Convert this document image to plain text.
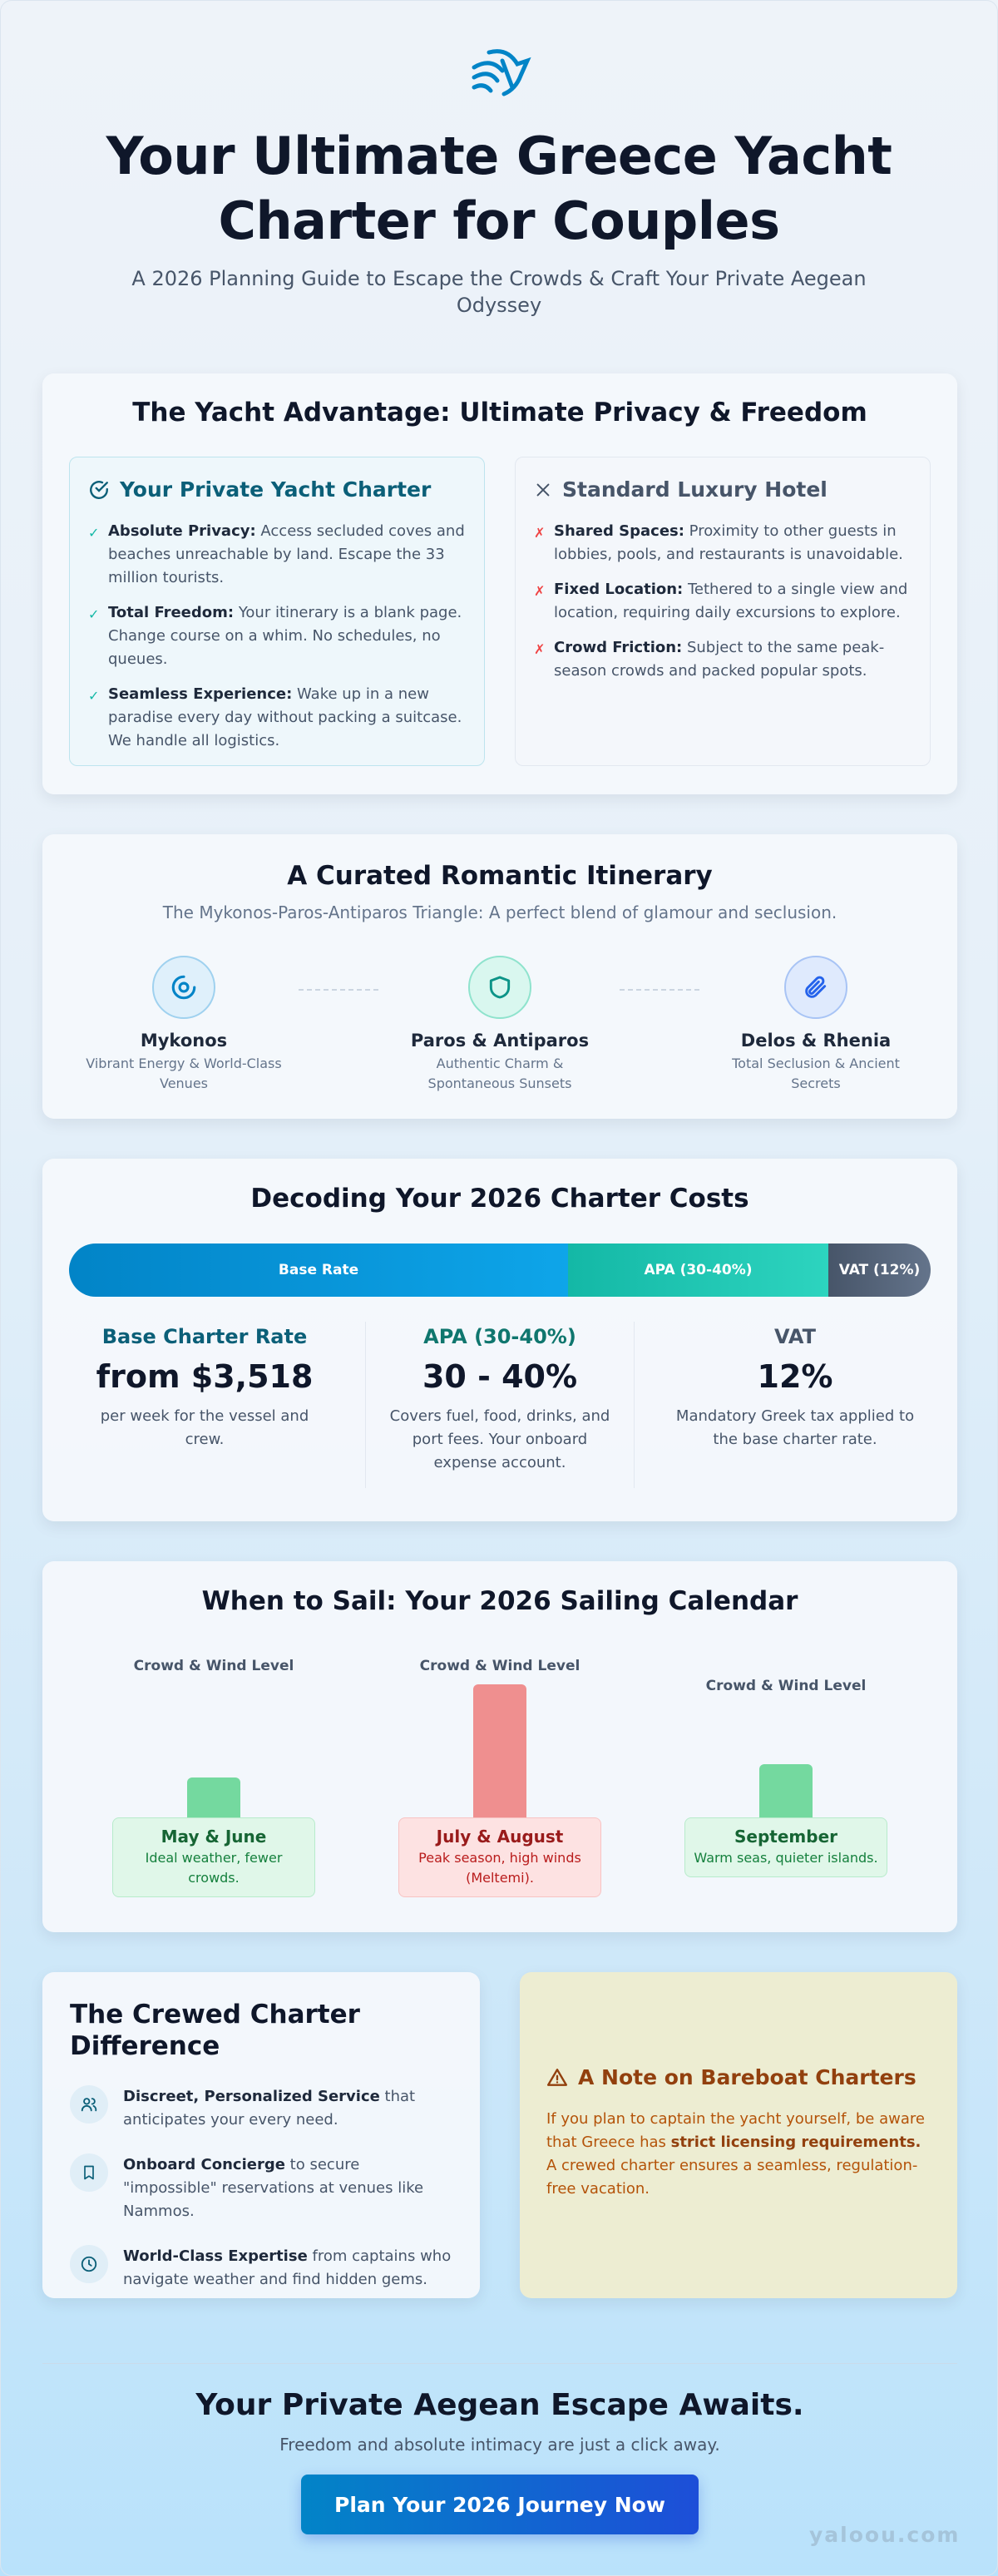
Your Ultimate Greece Yacht Charter for Couples

A 2026 Planning Guide to Escape the Crowds & Craft Your Private Aegean Odyssey

The Yacht Advantage: Ultimate Privacy & Freedom
Your Private Yacht Charter
✓ Absolute Privacy: Access secluded coves and beaches unreachable by land. Escape the 33 million tourists.
✓ Total Freedom: Your itinerary is a blank page. Change course on a whim. No schedules, no queues.
✓ Seamless Experience: Wake up in a new paradise every day without packing a suitcase. We handle all logistics.
Standard Luxury Hotel
✗ Shared Spaces: Proximity to other guests in lobbies, pools, and restaurants is unavoidable.
✗ Fixed Location: Tethered to a single view and location, requiring daily excursions to explore.
✗ Crowd Friction: Subject to the same peak-season crowds and packed popular spots.
A Curated Romantic Itinerary

The Mykonos-Paros-Antiparos Triangle: A perfect blend of glamour and seclusion.

Mykonos
Vibrant Energy & World-Class Venues
Paros & Antiparos
Authentic Charm & Spontaneous Sunsets
Delos & Rhenia
Total Seclusion & Ancient Secrets
Decoding Your 2026 Charter Costs
Base Rate	APA (30-40%)	VAT (12%)
Base Charter Rate
from $3,518
per week for the vessel and crew.
APA (30-40%)
30 - 40%
Covers fuel, food, drinks, and port fees. Your onboard expense account.
VAT
12%
Mandatory Greek tax applied to the base charter rate.
When to Sail: Your 2026 Sailing Calendar
Crowd & Wind Level
May & June
Ideal weather, fewer crowds.
Crowd & Wind Level
July & August
Peak season, high winds (Meltemi).
Crowd & Wind Level
September
Warm seas, quieter islands.
The Crewed Charter Difference
Discreet, Personalized Service that anticipates your every need.
Onboard Concierge to secure "impossible" reservations at venues like Nammos.
World-Class Expertise from captains who navigate weather and find hidden gems.
A Note on Bareboat Charters

If you plan to captain the yacht yourself, be aware that Greece has strict licensing requirements. A crewed charter ensures a seamless, regulation-free vacation.

Your Private Aegean Escape Awaits.
Freedom and absolute intimacy are just a click away.
Plan Your 2026 Journey Now
yaloou.com
